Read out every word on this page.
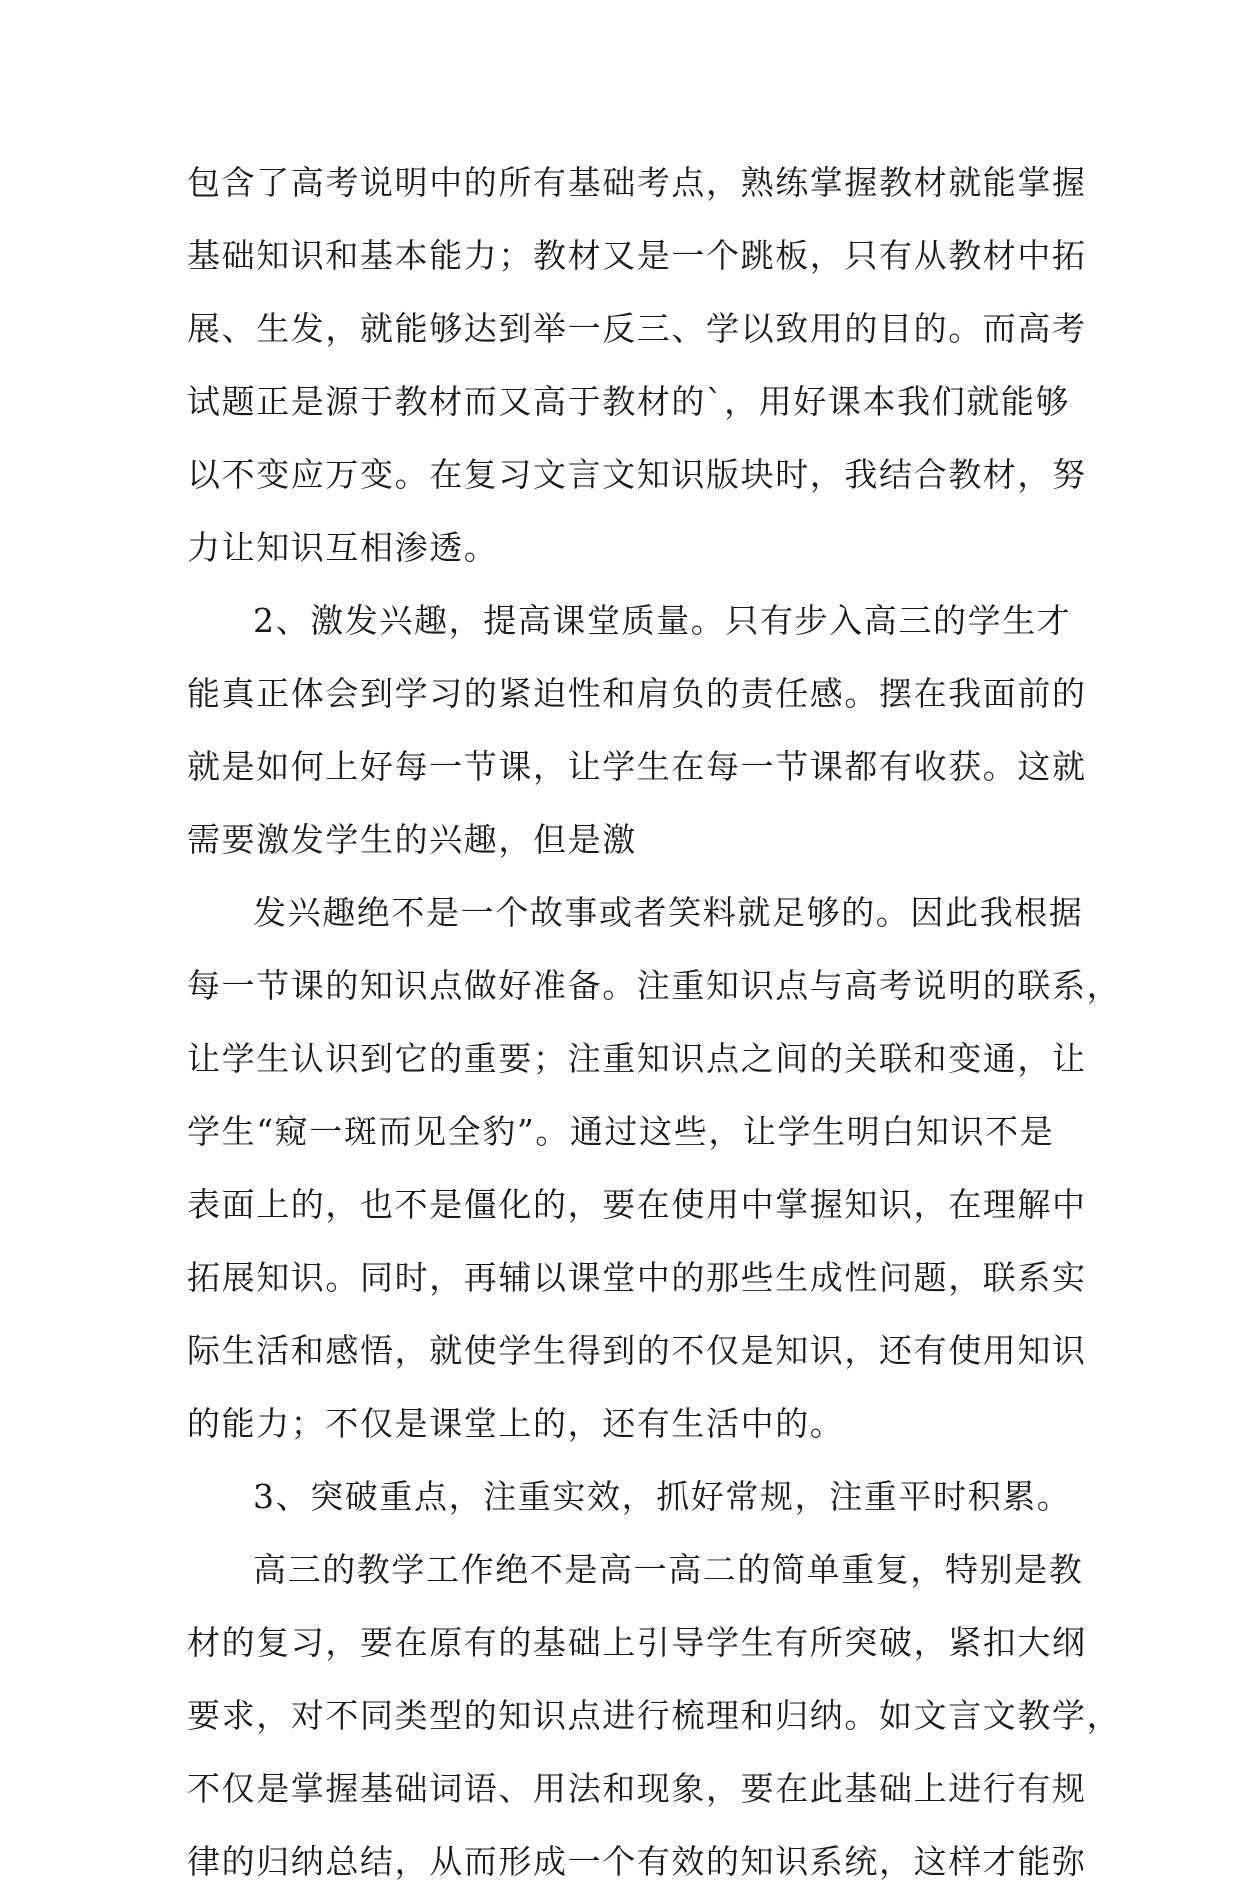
包含了高考说明中的所有基础考点，熟练掌握教材就能掌握
基础知识和基本能力；教材又是一个跳板，只有从教材中拓
展、生发，就能够达到举一反三、学以致用的目的。而高考
试题正是源于教材而又高于教材的`，用好课本我们就能够
以不变应万变。在复习文言文知识版块时，我结合教材，努
力让知识互相渗透。
2、激发兴趣，提高课堂质量。只有步入高三的学生才
能真正体会到学习的紧迫性和肩负的责任感。摆在我面前的
就是如何上好每一节课，让学生在每一节课都有收获。这就
需要激发学生的兴趣，但是激
发兴趣绝不是一个故事或者笑料就足够的。因此我根据
每一节课的知识点做好准备。注重知识点与高考说明的联系，
让学生认识到它的重要；注重知识点之间的关联和变通，让
学生“窥一斑而见全豹”。通过这些，让学生明白知识不是
表面上的，也不是僵化的，要在使用中掌握知识，在理解中
拓展知识。同时，再辅以课堂中的那些生成性问题，联系实
际生活和感悟，就使学生得到的不仅是知识，还有使用知识
的能力；不仅是课堂上的，还有生活中的。
3、突破重点，注重实效，抓好常规，注重平时积累。
高三的教学工作绝不是高一高二的简单重复，特别是教
材的复习，要在原有的基础上引导学生有所突破，紧扣大纲
要求，对不同类型的知识点进行梳理和归纳。如文言文教学，
不仅是掌握基础词语、用法和现象，要在此基础上进行有规
律的归纳总结，从而形成一个有效的知识系统，这样才能弥
